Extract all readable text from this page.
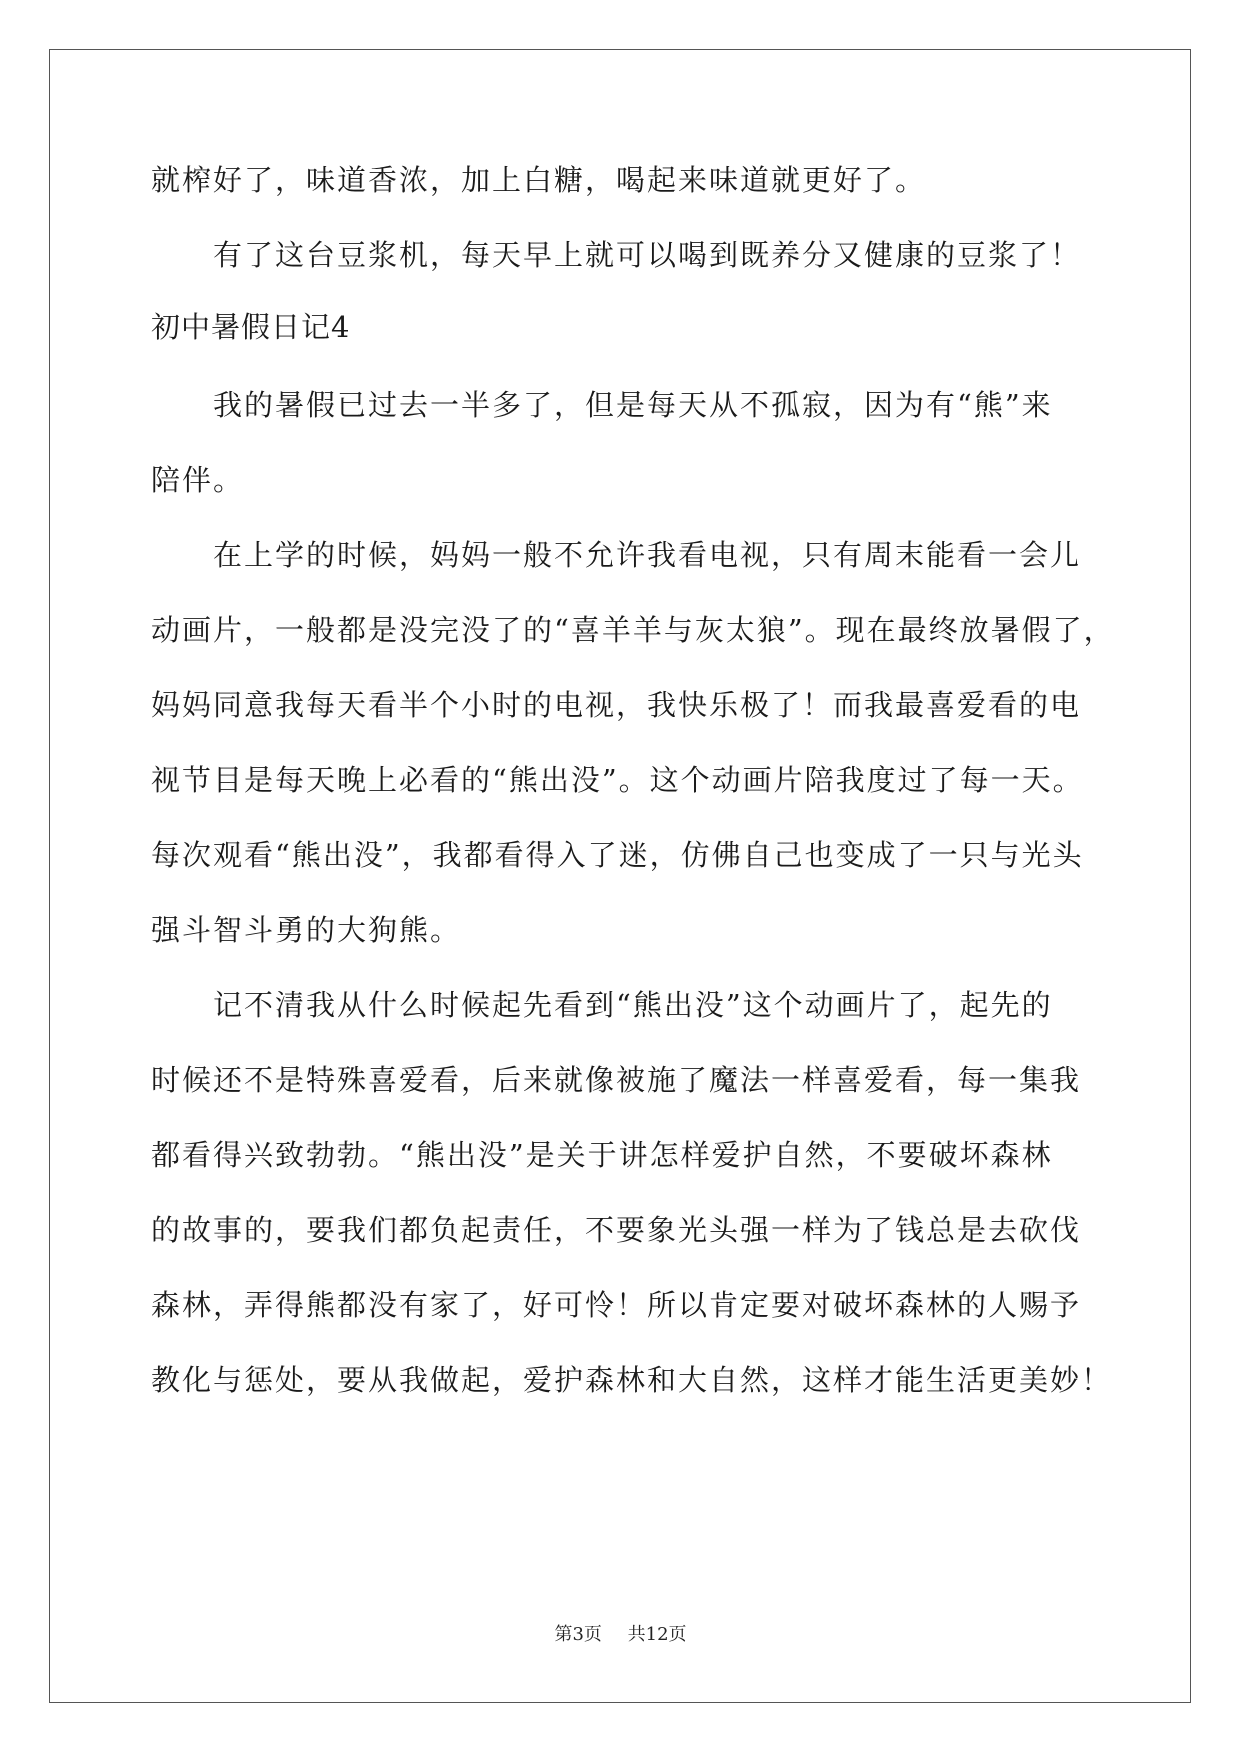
就榨好了，味道香浓，加上白糖，喝起来味道就更好了。
有了这台豆浆机，每天早上就可以喝到既养分又健康的豆浆了！
初中暑假日记4
我的暑假已过去一半多了，但是每天从不孤寂，因为有“熊”来
陪伴。
在上学的时候，妈妈一般不允许我看电视，只有周末能看一会儿
动画片，一般都是没完没了的“喜羊羊与灰太狼”。现在最终放暑假了，
妈妈同意我每天看半个小时的电视，我快乐极了！而我最喜爱看的电
视节目是每天晚上必看的“熊出没”。这个动画片陪我度过了每一天。
每次观看“熊出没”，我都看得入了迷，仿佛自己也变成了一只与光头
强斗智斗勇的大狗熊。
记不清我从什么时候起先看到“熊出没”这个动画片了，起先的
时候还不是特殊喜爱看，后来就像被施了魔法一样喜爱看，每一集我
都看得兴致勃勃。“熊出没”是关于讲怎样爱护自然，不要破坏森林
的故事的，要我们都负起责任，不要象光头强一样为了钱总是去砍伐
森林，弄得熊都没有家了，好可怜！所以肯定要对破坏森林的人赐予
教化与惩处，要从我做起，爱护森林和大自然，这样才能生活更美妙！
第3页 共12页
